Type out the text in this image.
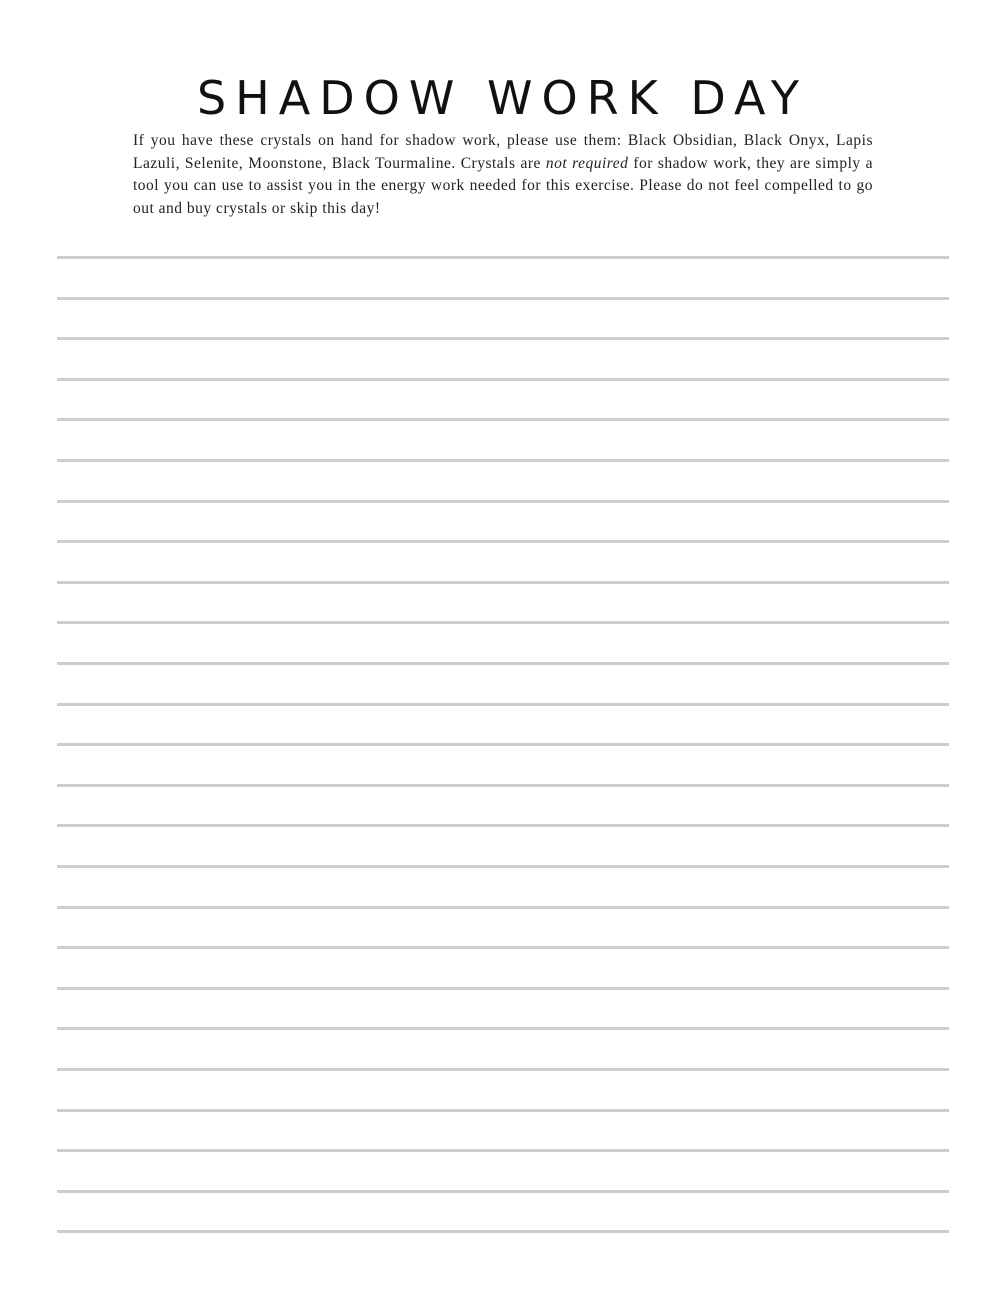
SHADOW WORK DAY

If you have these crystals on hand for shadow work, please use them: Black Obsidian, Black Onyx, Lapis Lazuli, Selenite, Moonstone, Black Tourmaline. Crystals are not required for shadow work, they are simply a tool you can use to assist you in the energy work needed for this exercise. Please do not feel compelled to go out and buy crystals or skip this day!
